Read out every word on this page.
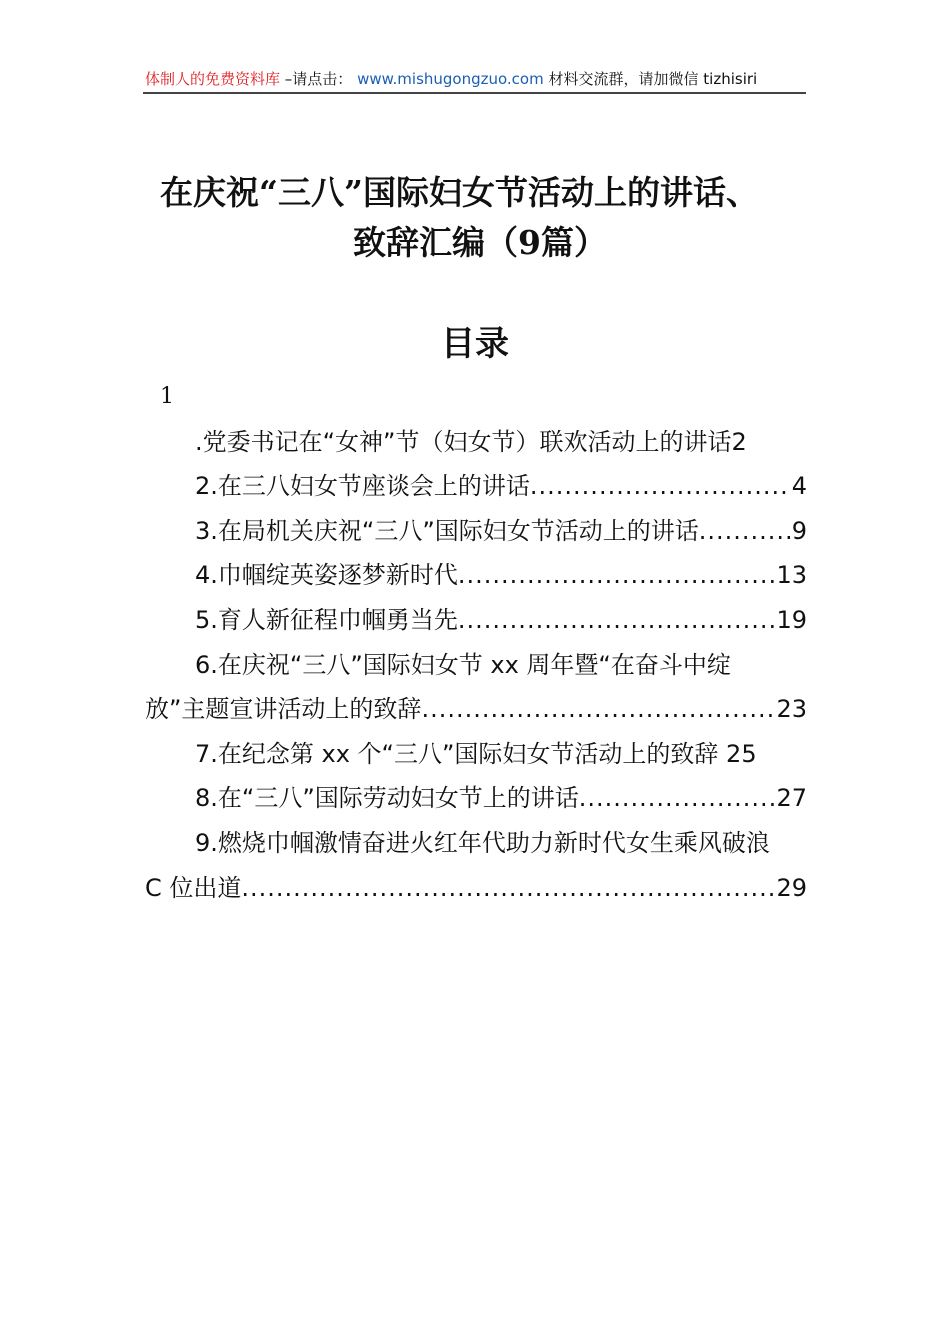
体制人的免费资料库 –请点击： www.mishugongzuo.com 材料交流群，请加微信 tizhisiri
在庆祝“三八”国际妇女节活动上的讲话、
致辞汇编（9篇）
目录
1
.党委书记在“女神”节（妇女节）联欢活动上的讲话2
2.在三八妇女节座谈会上的讲话 .....	4
3.在局机关庆祝“三八”国际妇女节活动上的讲话 .....	9
4.巾帼绽英姿逐梦新时代 .....	13
5.育人新征程巾帼勇当先 .....	19
6.在庆祝“三八”国际妇女节 xx 周年暨“在奋斗中绽
放”主题宣讲活动上的致辞 .....	23
7.在纪念第 xx 个“三八”国际妇女节活动上的致辞 25
8.在“三八”国际劳动妇女节上的讲话 .....	27
9.燃烧巾帼激情奋进火红年代助力新时代女生乘风破浪
C 位出道 .....	29
